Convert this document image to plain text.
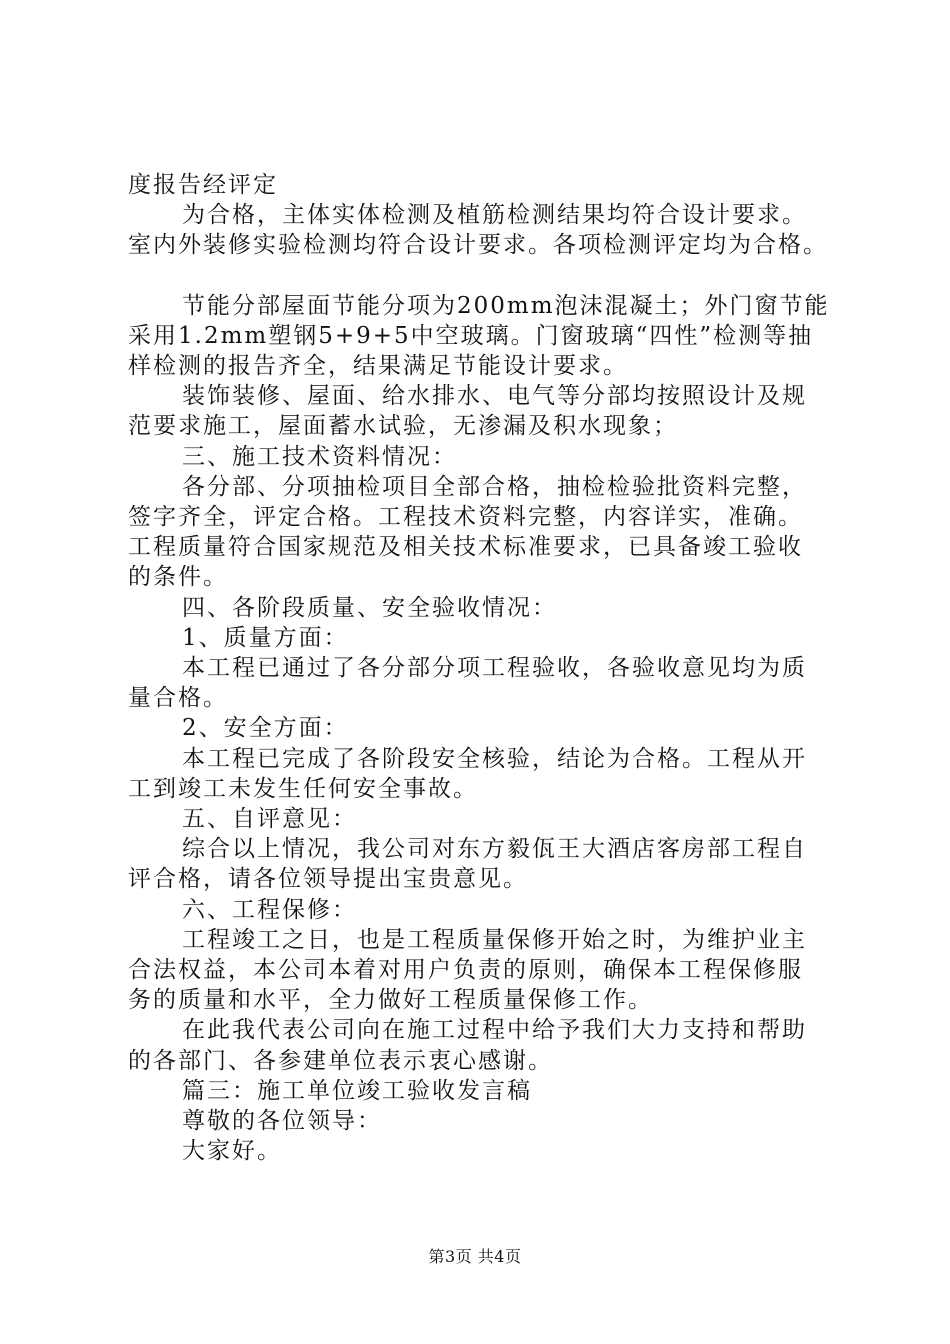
度报告经评定
为合格，主体实体检测及植筋检测结果均符合设计要求。
室内外装修实验检测均符合设计要求。各项检测评定均为合格。
节能分部屋面节能分项为200mm泡沫混凝土；外门窗节能
采用1.2mm塑钢5+9+5中空玻璃。门窗玻璃“四性”检测等抽
样检测的报告齐全，结果满足节能设计要求。
装饰装修、屋面、给水排水、电气等分部均按照设计及规
范要求施工，屋面蓄水试验，无渗漏及积水现象；
三、施工技术资料情况：
各分部、分项抽检项目全部合格，抽检检验批资料完整，
签字齐全，评定合格。工程技术资料完整，内容详实，准确。
工程质量符合国家规范及相关技术标准要求，已具备竣工验收
的条件。
四、各阶段质量、安全验收情况：
1、质量方面：
本工程已通过了各分部分项工程验收，各验收意见均为质
量合格。
2、安全方面：
本工程已完成了各阶段安全核验，结论为合格。工程从开
工到竣工未发生任何安全事故。
五、自评意见：
综合以上情况，我公司对东方毅佤王大酒店客房部工程自
评合格，请各位领导提出宝贵意见。
六、工程保修：
工程竣工之日，也是工程质量保修开始之时，为维护业主
合法权益，本公司本着对用户负责的原则，确保本工程保修服
务的质量和水平，全力做好工程质量保修工作。
在此我代表公司向在施工过程中给予我们大力支持和帮助
的各部门、各参建单位表示衷心感谢。
篇三：施工单位竣工验收发言稿
尊敬的各位领导：
大家好。
第3页 共4页
